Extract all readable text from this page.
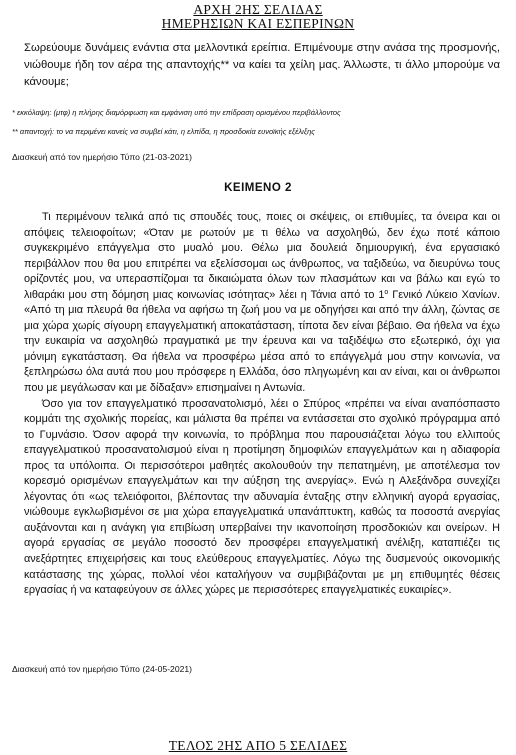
ΑΡΧΗ 2ΗΣ ΣΕΛΙΔΑΣ
ΗΜΕΡΗΣΙΩΝ ΚΑΙ ΕΣΠΕΡΙΝΩΝ

Σωρεύουμε δυνάμεις ενάντια στα μελλοντικά ερείπια. Επιμένουμε στην ανάσα της προσμονής, νιώθουμε ήδη τον αέρα της απαντοχής** να καίει τα χείλη μας. Άλλωστε, τι άλλο μπορούμε να κάνουμε;

* εκκόλαψη: (μτφ) η πλήρης διαμόρφωση και εμφάνιση υπό την επίδραση ορισμένου περιβάλλοντος

** απαντοχή: το να περιμένει κανείς να συμβεί κάτι, η ελπίδα, η προσδοκία ευνοϊκής εξέλιξης

Διασκευή από τον ημερήσιο Τύπο (21-03-2021)
ΚΕΙΜΕΝΟ 2

Τι περιμένουν τελικά από τις σπουδές τους, ποιες οι σκέψεις, οι επιθυμίες, τα όνειρα και οι απόψεις τελειοφοίτων; «Όταν με ρωτούν με τι θέλω να ασχοληθώ, δεν έχω ποτέ κάποιο συγκεκριμένο επάγγελμα στο μυαλό μου. Θέλω μια δουλειά δημιουργική, ένα εργασιακό περιβάλλον που θα μου επιτρέπει να εξελίσσομαι ως άνθρωπος, να ταξιδεύω, να διευρύνω τους ορίζοντές μου, να υπερασπίζομαι τα δικαιώματα όλων των πλασμάτων και να βάλω και εγώ το λιθαράκι μου στη δόμηση μιας κοινωνίας ισότητας» λέει η Τάνια από το $1^o$ Γενικό Λύκειο Χανίων. «Από τη μια πλευρά θα ήθελα να αφήσω τη ζωή μου να με οδηγήσει και από την άλλη, ζώντας σε μια χώρα χωρίς σίγουρη επαγγελματική αποκατάσταση, τίποτα δεν είναι βέβαιο. Θα ήθελα να έχω την ευκαιρία να ασχοληθώ πραγματικά με την έρευνα και να ταξιδέψω στο εξωτερικό, όχι για μόνιμη εγκατάσταση. Θα ήθελα να προσφέρω μέσα από το επάγγελμά μου στην κοινωνία, να ξεπληρώσω όλα αυτά που μου πρόσφερε η Ελλάδα, όσο πληγωμένη και αν είναι, και οι άνθρωποι που με μεγάλωσαν και με δίδαξαν» επισημαίνει η Αντωνία.

Όσο για τον επαγγελματικό προσανατολισμό, λέει ο Σπύρος «πρέπει να είναι αναπόσπαστο κομμάτι της σχολικής πορείας, και μάλιστα θα πρέπει να εντάσσεται στο σχολικό πρόγραμμα από το Γυμνάσιο. Όσον αφορά την κοινωνία, το πρόβλημα που παρουσιάζεται λόγω του ελλιπούς επαγγελματικού προσανατολισμού είναι η προτίμηση δημοφιλών επαγγελμάτων και η αδιαφορία προς τα υπόλοιπα. Οι περισσότεροι μαθητές ακολουθούν την πεπατημένη, με αποτέλεσμα τον κορεσμό ορισμένων επαγγελμάτων και την αύξηση της ανεργίας». Ενώ η Αλεξάνδρα συνεχίζει λέγοντας ότι «ως τελειόφοιτοι, βλέποντας την αδυναμία ένταξης στην ελληνική αγορά εργασίας, νιώθουμε εγκλωβισμένοι σε μια χώρα επαγγελματικά υπανάπτυκτη, καθώς τα ποσοστά ανεργίας αυξάνονται και η ανάγκη για επιβίωση υπερβαίνει την ικανοποίηση προσδοκιών και ονείρων. Η αγορά εργασίας σε μεγάλο ποσοστό δεν προσφέρει επαγγελματική ανέλιξη, καταπιέζει τις ανεξάρτητες επιχειρήσεις και τους ελεύθερους επαγγελματίες. Λόγω της δυσμενούς οικονομικής κατάστασης της χώρας, πολλοί νέοι καταλήγουν να συμβιβάζονται με μη επιθυμητές θέσεις εργασίας ή να καταφεύγουν σε άλλες χώρες με περισσότερες επαγγελματικές ευκαιρίες».

Διασκευή από τον ημερήσιο Τύπο (24-05-2021)
ΤΕΛΟΣ 2ΗΣ ΑΠΟ 5 ΣΕΛΙΔΕΣ
